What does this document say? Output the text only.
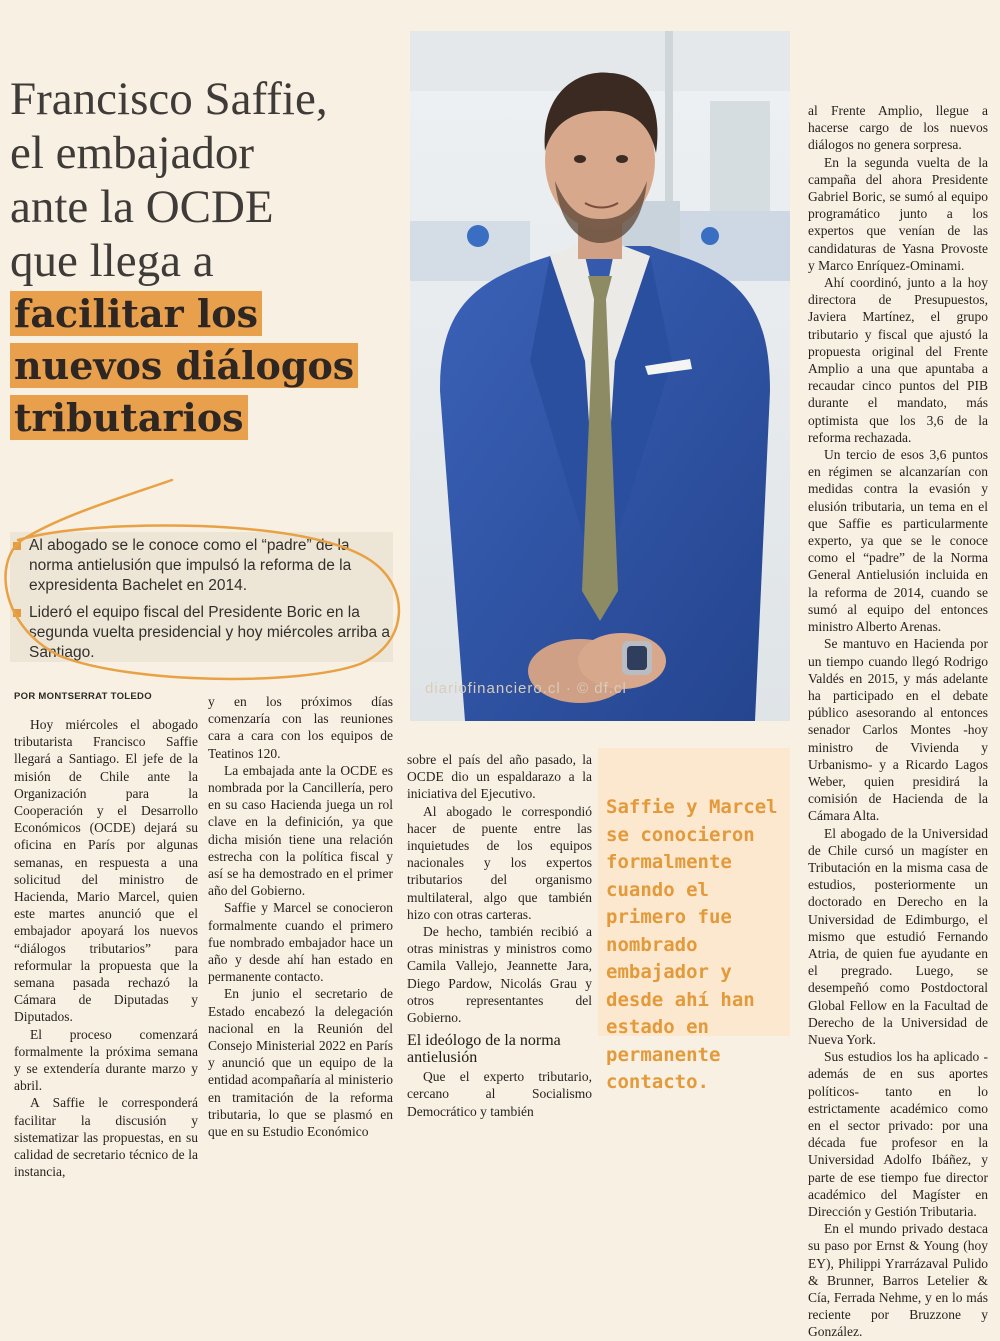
Francisco Saffie,
el embajador
ante la OCDE
que llega a
facilitar los
nuevos diálogos
tributarios
Al abogado se le conoce como el “padre” de la norma antielusión que impulsó la reforma de la expresidenta Bachelet en 2014.
Lideró el equipo fiscal del Presidente Boric en la segunda vuelta presidencial y hoy miércoles arriba a Santiago.
diariofinanciero.cl · © df.cl
POR MONTSERRAT TOLEDO

Hoy miércoles el abogado tributarista Francisco Saffie llegará a Santiago. El jefe de la misión de Chile ante la Organización para la Cooperación y el Desarrollo Económicos (OCDE) dejará su oficina en París por algunas semanas, en respuesta a una solicitud del ministro de Hacienda, Mario Marcel, quien este martes anunció que el embajador apoyará los nuevos “diálogos tributarios” para reformular la propuesta que la semana pasada rechazó la Cámara de Diputadas y Diputados.

El proceso comenzará formalmente la próxima semana y se extendería durante marzo y abril.

A Saffie le corresponderá facilitar la discusión y sistematizar las propuestas, en su calidad de secretario técnico de la instancia,

y en los próximos días comenzaría con las reuniones cara a cara con los equipos de Teatinos 120.

La embajada ante la OCDE es nombrada por la Cancillería, pero en su caso Hacienda juega un rol clave en la definición, ya que dicha misión tiene una relación estrecha con la política fiscal y así se ha demostrado en el primer año del Gobierno.

Saffie y Marcel se conocieron formalmente cuando el primero fue nombrado embajador hace un año y desde ahí han estado en permanente contacto.

En junio el secretario de Estado encabezó la delegación nacional en la Reunión del Consejo Ministerial 2022 en París y anunció que un equipo de la entidad acompañaría al ministerio en tramitación de la reforma tributaria, lo que se plasmó en que en su Estudio Económico

sobre el país del año pasado, la OCDE dio un espaldarazo a la iniciativa del Ejecutivo.

Al abogado le correspondió hacer de puente entre las inquietudes de los equipos nacionales y los expertos tributarios del organismo multilateral, algo que también hizo con otras carteras.

De hecho, también recibió a otras ministras y ministros como Camila Vallejo, Jeannette Jara, Diego Pardow, Nicolás Grau y otros representantes del Gobierno.

El ideólogo de la norma antielusión

Que el experto tributario, cercano al Socialismo Democrático y también

Saffie y Marcel se conocieron formalmente cuando el primero fue nombrado embajador y desde ahí han estado en permanente contacto.

al Frente Amplio, llegue a hacerse cargo de los nuevos diálogos no genera sorpresa.

En la segunda vuelta de la campaña del ahora Presidente Gabriel Boric, se sumó al equipo programático junto a los expertos que venían de las candidaturas de Yasna Provoste y Marco Enríquez-Ominami.

Ahí coordinó, junto a la hoy directora de Presupuestos, Javiera Martínez, el grupo tributario y fiscal que ajustó la propuesta original del Frente Amplio a una que apuntaba a recaudar cinco puntos del PIB durante el mandato, más optimista que los 3,6 de la reforma rechazada.

Un tercio de esos 3,6 puntos en régimen se alcanzarían con medidas contra la evasión y elusión tributaria, un tema en el que Saffie es particularmente experto, ya que se le conoce como el “padre” de la Norma General Antielusión incluida en la reforma de 2014, cuando se sumó al equipo del entonces ministro Alberto Arenas.

Se mantuvo en Hacienda por un tiempo cuando llegó Rodrigo Valdés en 2015, y más adelante ha participado en el debate público asesorando al entonces senador Carlos Montes -hoy ministro de Vivienda y Urbanismo- y a Ricardo Lagos Weber, quien presidirá la comisión de Hacienda de la Cámara Alta.

El abogado de la Universidad de Chile cursó un magíster en Tributación en la misma casa de estudios, posteriormente un doctorado en Derecho en la Universidad de Edimburgo, el mismo que estudió Fernando Atria, de quien fue ayudante en el pregrado. Luego, se desempeñó como Postdoctoral Global Fellow en la Facultad de Derecho de la Universidad de Nueva York.

Sus estudios los ha aplicado -además de en sus aportes políticos- tanto en lo estrictamente académico como en el sector privado: por una década fue profesor en la Universidad Adolfo Ibáñez, y parte de ese tiempo fue director académico del Magíster en Dirección y Gestión Tributaria.

En el mundo privado destaca su paso por Ernst & Young (hoy EY), Philippi Yrarrázaval Pulido & Brunner, Barros Letelier & Cía, Ferrada Nehme, y en lo más reciente por Bruzzone y González.
